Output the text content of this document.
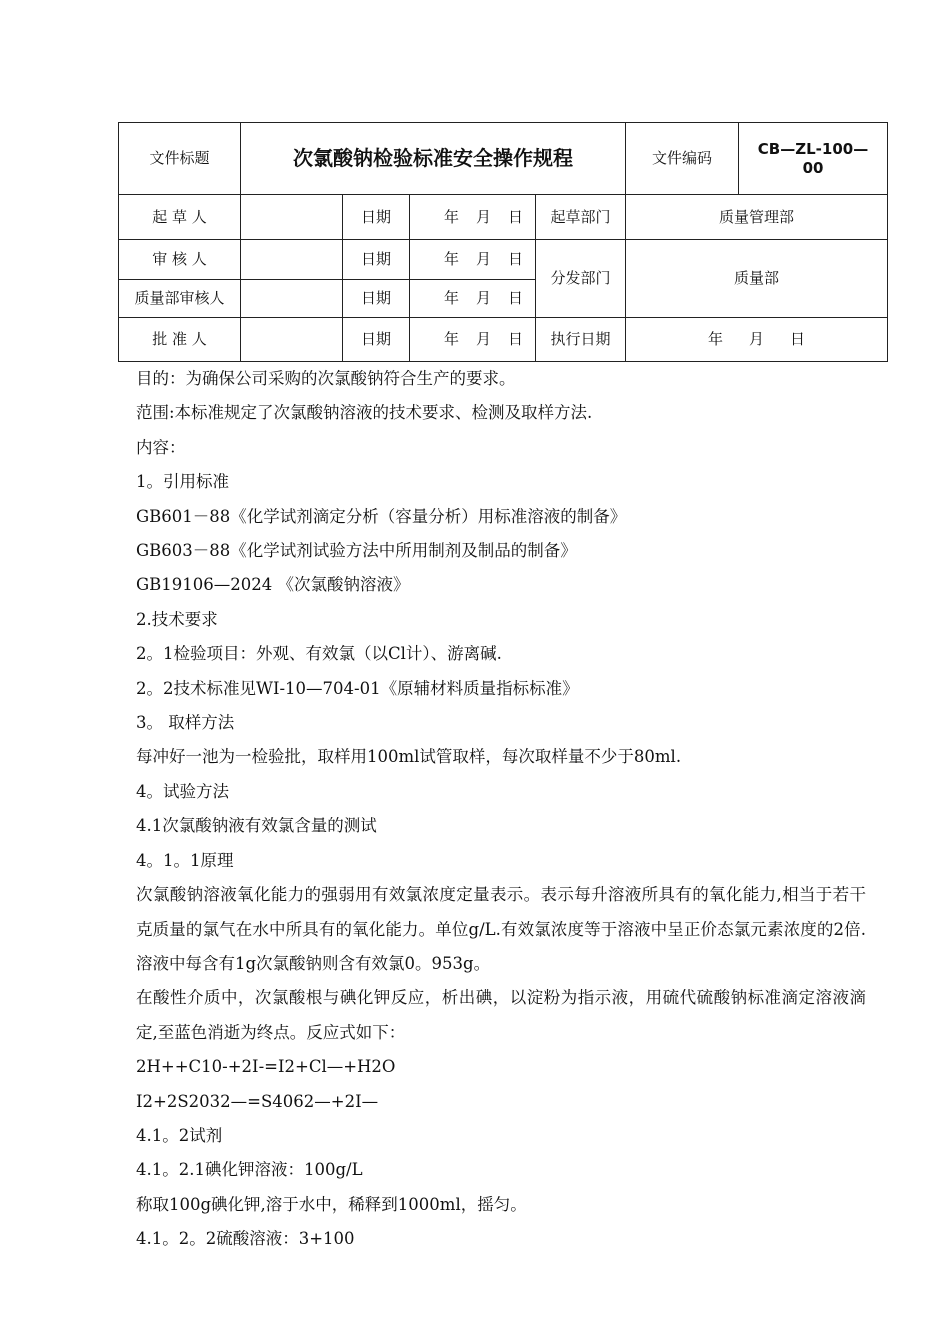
文件标题	次氯酸钠检验标准安全操作规程				文件编码	CB—ZL-100—
00

起 草 人		日期	年 月 日	起草部门	质量管理部	
审 核 人		日期	年 月 日	分发部门	质量部	
质量部审核人		日期	年 月 日			

批 准 人		日期	年 月 日	执行日期	年 月 日	

目的：为确保公司采购的次氯酸钠符合生产的要求。

范围:本标准规定了次氯酸钠溶液的技术要求、检测及取样方法.

内容：

1。引用标准

GB601－88《化学试剂滴定分析（容量分析）用标准溶液的制备》

GB603－88《化学试剂试验方法中所用制剂及制品的制备》

GB19106—2024 《次氯酸钠溶液》

2.技术要求

2。1检验项目：外观、有效氯（以Cl计）、游离碱.

2。2技术标准见WI-10—704-01《原辅材料质量指标标准》

3。 取样方法

每冲好一池为一检验批，取样用100ml试管取样，每次取样量不少于80ml.

4。试验方法

4.1次氯酸钠液有效氯含量的测试

4。1。1原理

次氯酸钠溶液氧化能力的强弱用有效氯浓度定量表示。表示每升溶液所具有的氧化能力,相当于若干克质量的氯气在水中所具有的氧化能力。单位g/L.有效氯浓度等于溶液中呈正价态氯元素浓度的2倍.溶液中每含有1g次氯酸钠则含有效氯0。953g。

在酸性介质中，次氯酸根与碘化钾反应，析出碘，以淀粉为指示液，用硫代硫酸钠标准滴定溶液滴定,至蓝色消逝为终点。反应式如下：

2H++C10-+2I-=I2+Cl—+H2O

I2+2S2032—=S4062—+2I—

4.1。2试剂

4.1。2.1碘化钾溶液：100g/L

称取100g碘化钾,溶于水中，稀释到1000ml，摇匀。

4.1。2。2硫酸溶液：3+100
